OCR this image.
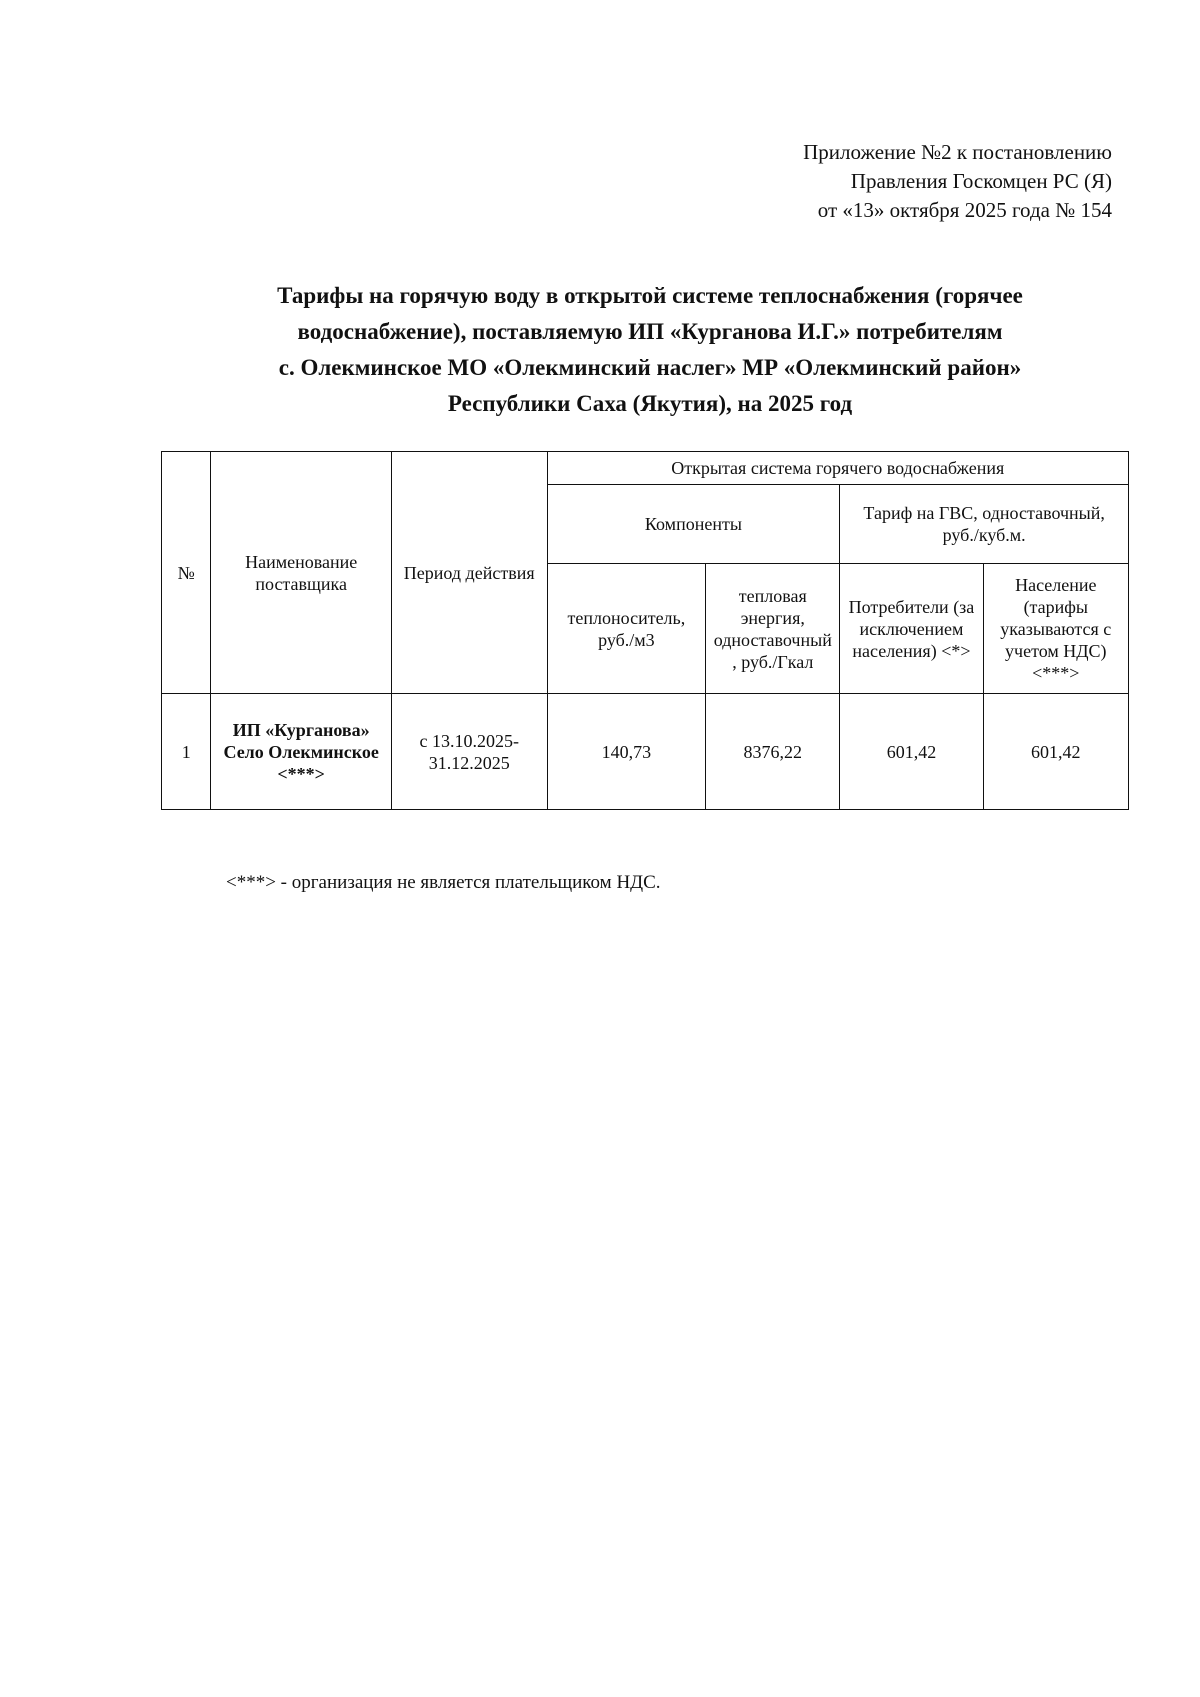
Приложение №2 к постановлению
Правления Госкомцен РС (Я)
от «13» октября 2025 года № 154
Тарифы на горячую воду в открытой системе теплоснабжения (горячее
водоснабжение), поставляемую ИП «Курганова И.Г.» потребителям
с. Олекминское МО «Олекминский наслег» МР «Олекминский район»
Республики Саха (Якутия), на 2025 год
№	Наименование поставщика	Период действия	Открытая система горячего водоснабжения			
			Компоненты		Тариф на ГВС, одноставочный, руб./куб.м.	
			теплоноситель, руб./м3	тепловая энергия, одноставочный, руб./Гкал	Потребители (за исключением населения) <*>	Население (тарифы указываются с учетом НДС) <***>
1	ИП «Курганова» Село Олекминское <***>	с 13.10.2025-31.12.2025	140,73	8376,22	601,42	601,42
<***> - организация не является плательщиком НДС.
